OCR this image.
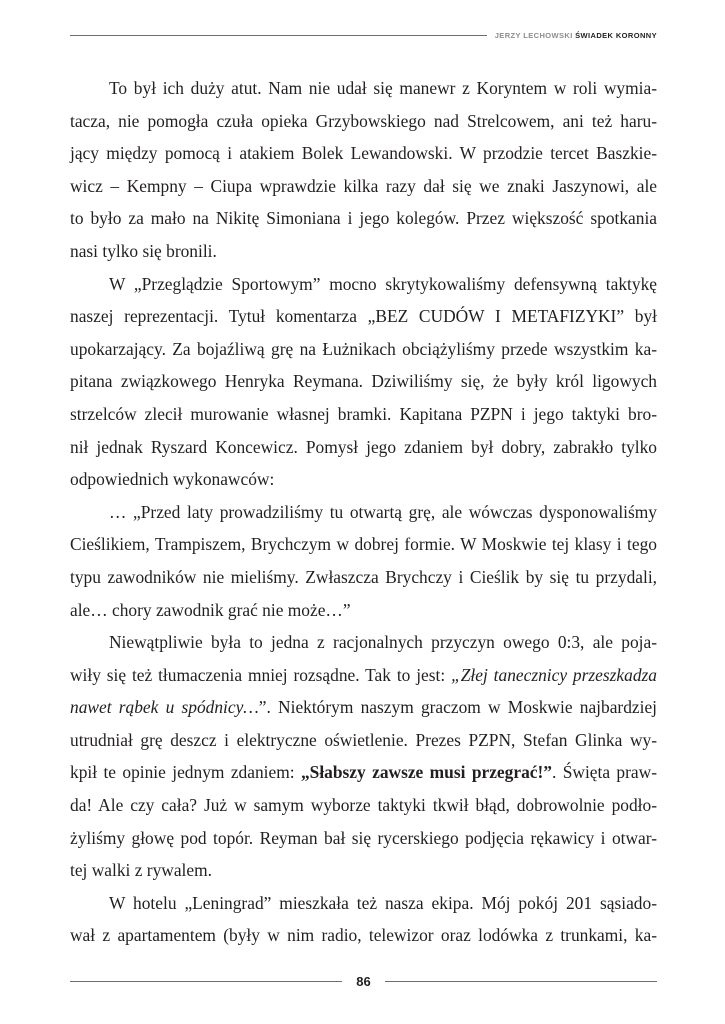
JERZY LECHOWSKI ŚWIADEK KORONNY
To był ich duży atut. Nam nie udał się manewr z Koryntem w roli wymia-
tacza, nie pomogła czuła opieka Grzybowskiego nad Strelcowem, ani też haru-
jący między pomocą i atakiem Bolek Lewandowski. W przodzie tercet Baszkie-
wicz – Kempny – Ciupa wprawdzie kilka razy dał się we znaki Jaszynowi, ale
to było za mało na Nikitę Simoniana i jego kolegów. Przez większość spotkania
nasi tylko się bronili.
W „Przeglądzie Sportowym” mocno skrytykowaliśmy defensywną taktykę
naszej reprezentacji. Tytuł komentarza „BEZ CUDÓW I METAFIZYKI” był
upokarzający. Za bojaźliwą grę na Łużnikach obciążyliśmy przede wszystkim ka-
pitana związkowego Henryka Reymana. Dziwiliśmy się, że były król ligowych
strzelców zlecił murowanie własnej bramki. Kapitana PZPN i jego taktyki bro-
nił jednak Ryszard Koncewicz. Pomysł jego zdaniem był dobry, zabrakło tylko
odpowiednich wykonawców:
… „Przed laty prowadziliśmy tu otwartą grę, ale wówczas dysponowaliśmy
Cieślikiem, Trampiszem, Brychczym w dobrej formie. W Moskwie tej klasy i tego
typu zawodników nie mieliśmy. Zwłaszcza Brychczy i Cieślik by się tu przydali,
ale… chory zawodnik grać nie może…”
Niewątpliwie była to jedna z racjonalnych przyczyn owego 0:3, ale poja-
wiły się też tłumaczenia mniej rozsądne. Tak to jest: „Złej tanecznicy przeszkadza
nawet rąbek u spódnicy…”. Niektórym naszym graczom w Moskwie najbardziej
utrudniał grę deszcz i elektryczne oświetlenie. Prezes PZPN, Stefan Glinka wy-
kpił te opinie jednym zdaniem: „Słabszy zawsze musi przegrać!”. Święta praw-
da! Ale czy cała? Już w samym wyborze taktyki tkwił błąd, dobrowolnie podło-
żyliśmy głowę pod topór. Reyman bał się rycerskiego podjęcia rękawicy i otwar-
tej walki z rywalem.
W hotelu „Leningrad” mieszkała też nasza ekipa. Mój pokój 201 sąsiado-
wał z apartamentem (były w nim radio, telewizor oraz lodówka z trunkami, ka-
86
